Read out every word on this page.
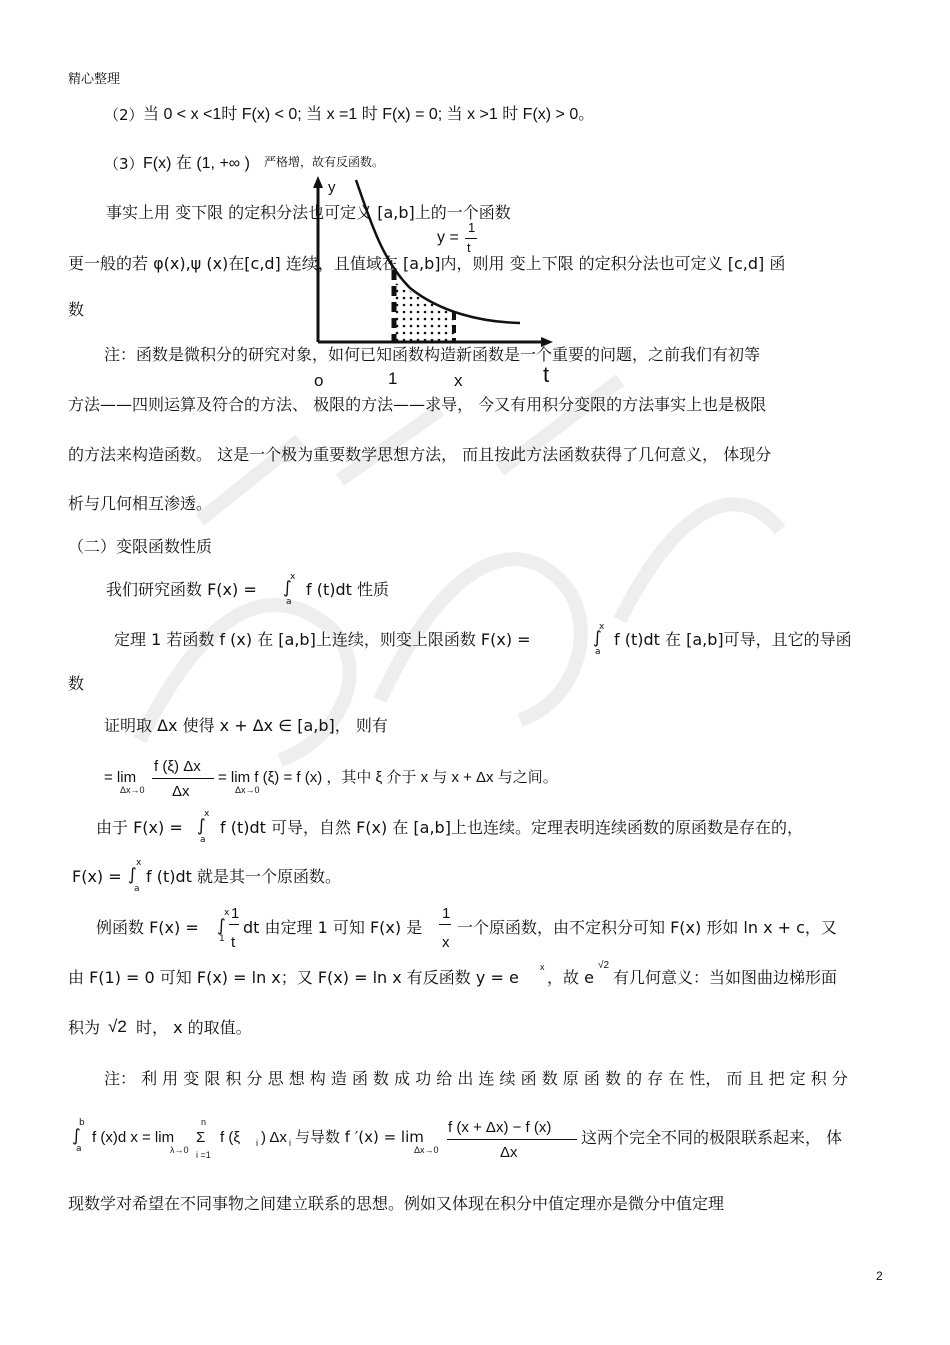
精心整理
（2） 当 0 < x <1时 F(x) < 0; 当 x =1 时 F(x) = 0; 当 x >1 时 F(x) > 0。
（3） F(x) 在 (1, +∞ ) 严格增，故有反函数。
事实上用 变下限 的定积分法也可定义 [a,b]上的一个函数
更一般的若 φ(x),ψ (x)在[c,d] 连续，且值域在 [a,b]内，则用 变上下限 的定积分法也可定义 [c,d] 函
数
y
y =
1
t
o	1	x	t
注：函数是微积分的研究对象，如何已知函数构造新函数是一个重要的问题，之前我们有初等
方法——四则运算及符合的方法、 极限的方法——求导， 今又有用积分变限的方法事实上也是极限
的方法来构造函数。 这是一个极为重要数学思想方法， 而且按此方法函数获得了几何意义， 体现分
析与几何相互渗透。
（二）变限函数性质
我们研究函数 F(x) = ∫
x
a
f (t)dt 性质
定理 1 若函数 f (x) 在 [a,b]上连续，则变上限函数 F(x) =	∫
x
a
f (t)dt 在 [a,b]可导，且它的导函
数
证明取 Δx 使得 x + Δx ∈ [a,b]， 则有
= lim
Δx→0
f (ξ) Δx
Δx
= lim f (ξ) = f (x) ，其中 ξ 介于 x 与 x + Δx 与之间。
Δx→0
由于 F(x) = ∫
x
a
f (t)dt 可导，自然 F(x) 在 [a,b]上也连续。定理表明连续函数的原函数是存在的，
F(x) = ∫
x
a
f (t)dt 就是其一个原函数。
例函数 F(x) = ∫
x
1
1
t
dt 由定理 1 可知 F(x) 是
1
x
一个原函数，由不定积分可知 F(x) 形如 ln x + c，又
由 F(1) = 0 可知 F(x) = ln x；又 F(x) = ln x 有反函数 y = e
x
，故 e
√2
有几何意义：当如图曲边梯形面
积为 √2 时， x 的取值。
注： 利 用 变 限 积 分 思 想 构 造 函 数 成 功 给 出 连 续 函 数 原 函 数 的 存 在 性， 而 且 把 定 积 分
∫
b
a
f (x)d x = lim
λ→0
n
Σ
i =1
f (ξ i ) Δx i 与导数 f ′(x) = lim
Δx→0
f (x + Δx) − f (x)
Δx
这两个完全不同的极限联系起来， 体
现数学对希望在不同事物之间建立联系的思想。例如又体现在积分中值定理亦是微分中值定理
2
